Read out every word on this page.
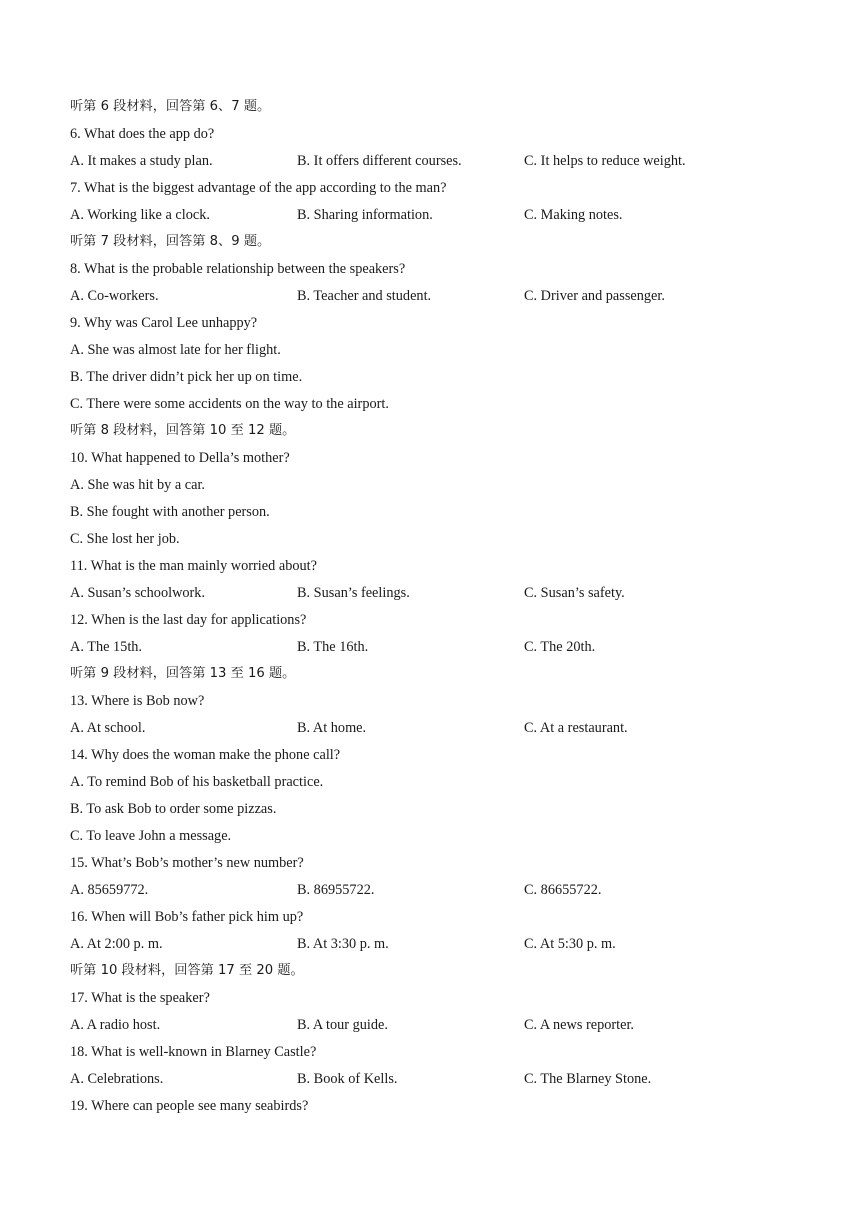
听第 6 段材料，回答第 6、7 题。
6. What does the app do?
A. It makes a study plan.	B. It offers different courses.	C. It helps to reduce weight.
7. What is the biggest advantage of the app according to the man?
A. Working like a clock.	B. Sharing information.	C. Making notes.
听第 7 段材料，回答第 8、9 题。
8. What is the probable relationship between the speakers?
A. Co-workers.	B. Teacher and student.	C. Driver and passenger.
9. Why was Carol Lee unhappy?
A. She was almost late for her flight.
B. The driver didn’t pick her up on time.
C. There were some accidents on the way to the airport.
听第 8 段材料，回答第 10 至 12 题。
10. What happened to Della’s mother?
A. She was hit by a car.
B. She fought with another person.
C. She lost her job.
11. What is the man mainly worried about?
A. Susan’s schoolwork.	B. Susan’s feelings.	C. Susan’s safety.
12. When is the last day for applications?
A. The 15th.	B. The 16th.	C. The 20th.
听第 9 段材料，回答第 13 至 16 题。
13. Where is Bob now?
A. At school.	B. At home.	C. At a restaurant.
14. Why does the woman make the phone call?
A. To remind Bob of his basketball practice.
B. To ask Bob to order some pizzas.
C. To leave John a message.
15. What’s Bob’s mother’s new number?
A. 85659772.	B. 86955722.	C. 86655722.
16. When will Bob’s father pick him up?
A. At 2:00 p. m.	B. At 3:30 p. m.	C. At 5:30 p. m.
听第 10 段材料，回答第 17 至 20 题。
17. What is the speaker?
A. A radio host.	B. A tour guide.	C. A news reporter.
18. What is well-known in Blarney Castle?
A. Celebrations.	B. Book of Kells.	C. The Blarney Stone.
19. Where can people see many seabirds?
